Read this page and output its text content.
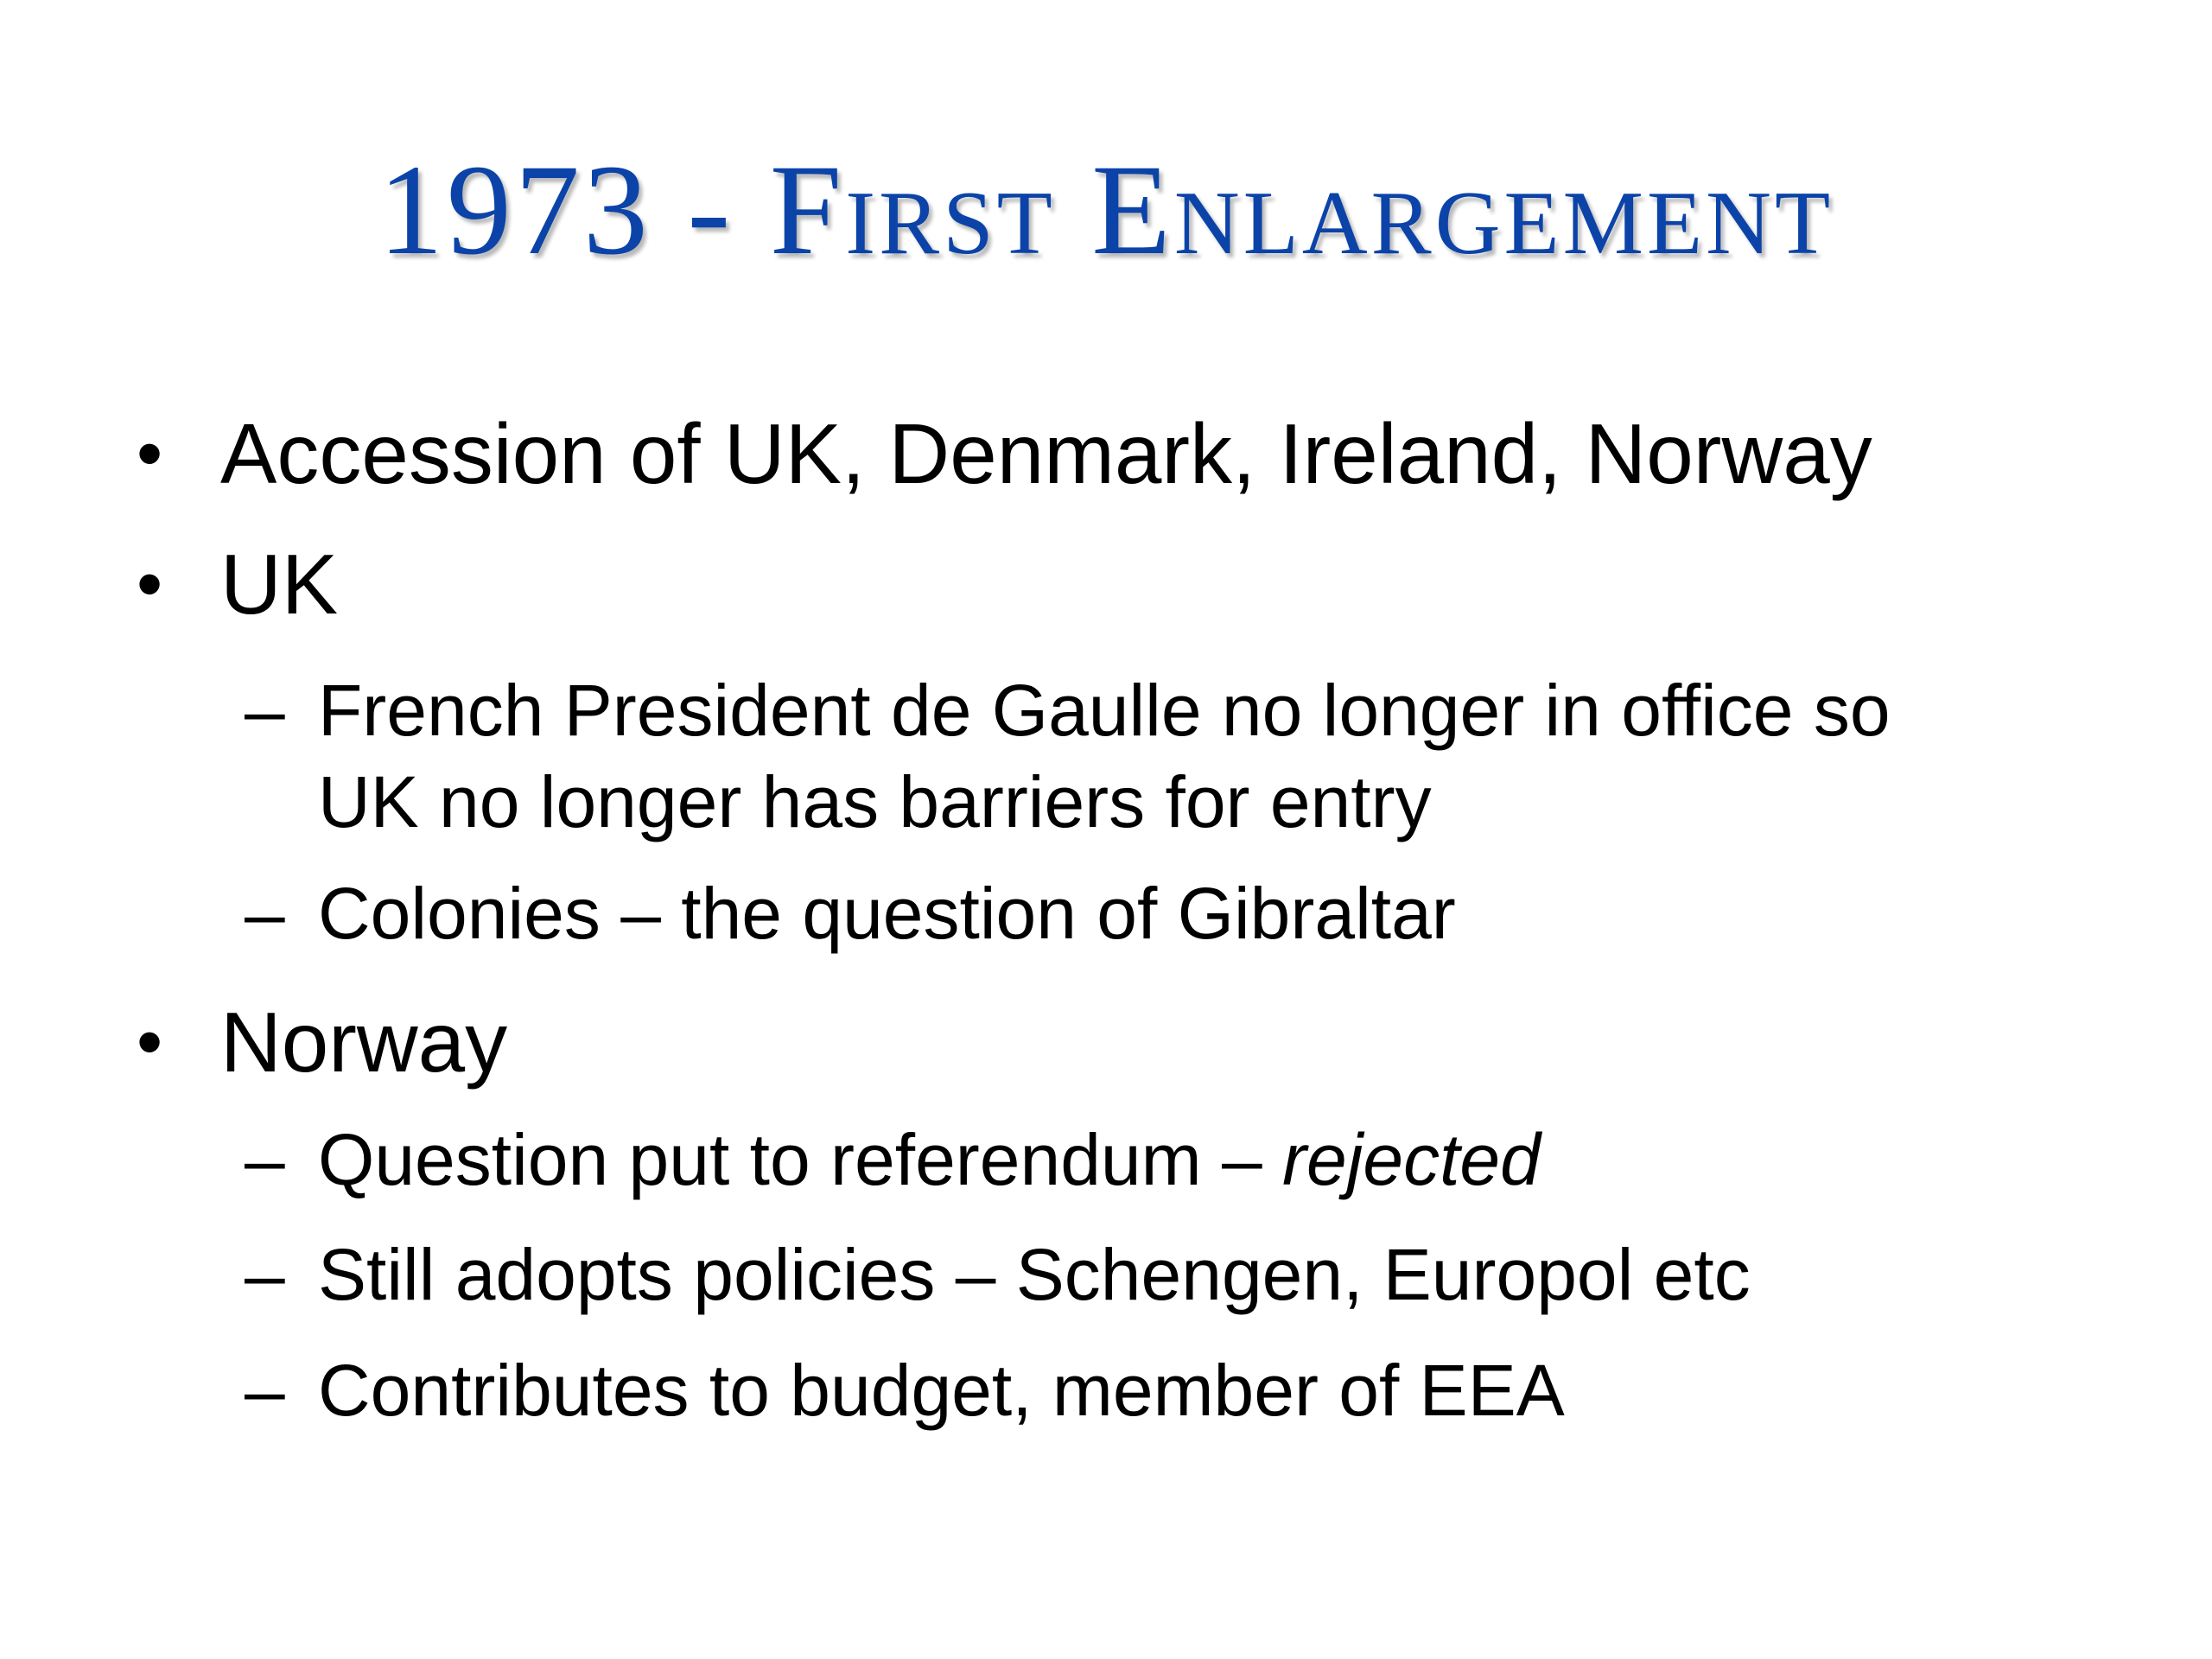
1973 - First Enlargement
• Accession of UK, Denmark, Ireland, Norway
• UK
– French President de Gaulle no longer in office so
UK no longer has barriers for entry
– Colonies – the question of Gibraltar
• Norway
– Question put to referendum – rejected
– Still adopts policies – Schengen, Europol etc
– Contributes to budget, member of EEA
